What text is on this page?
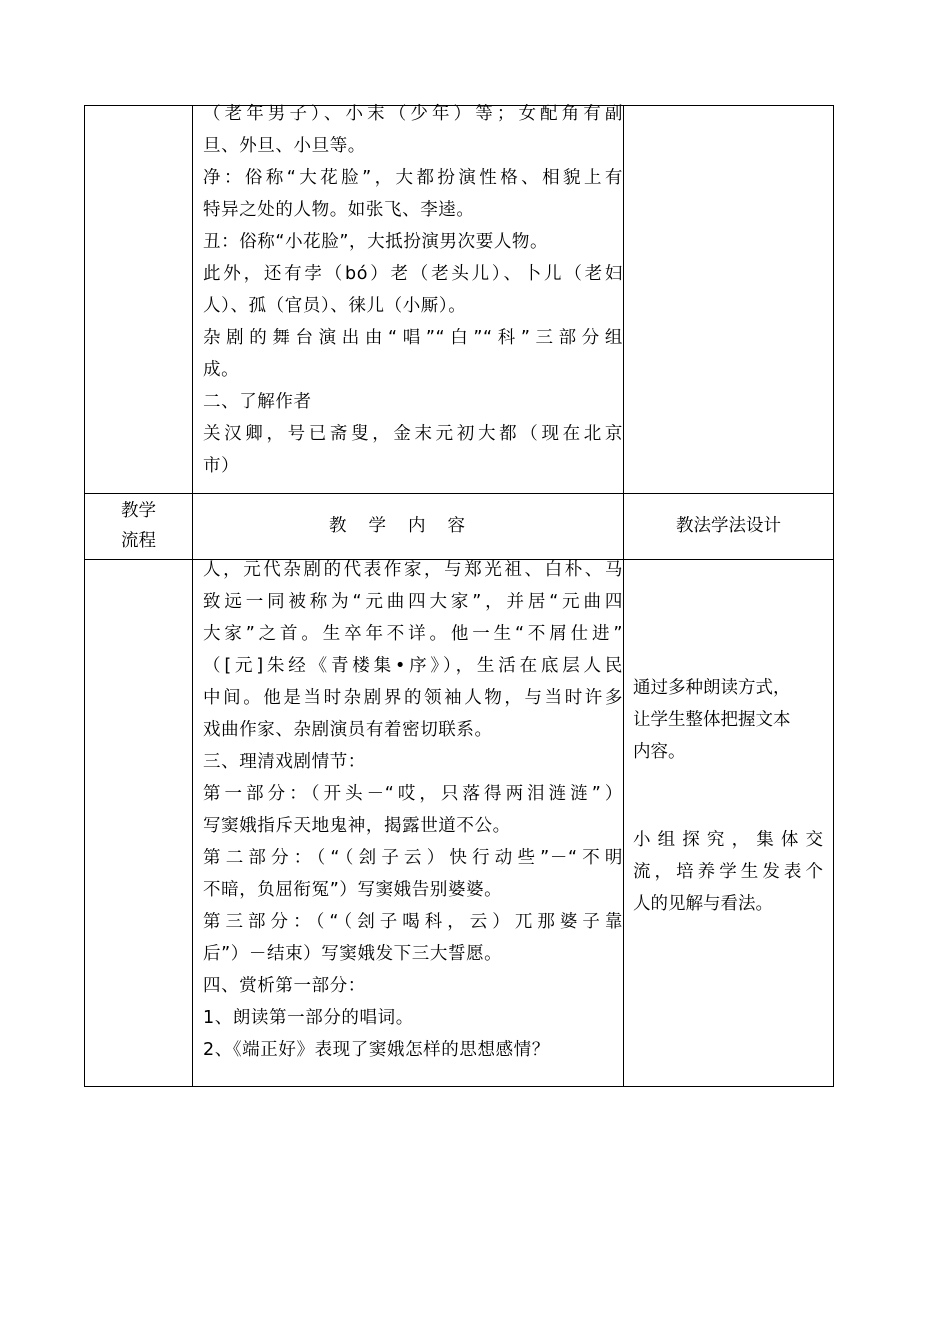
（老年男子）、小末（少年）等；女配角有副
旦、外旦、小旦等。
净：俗称“大花脸”，大都扮演性格、相貌上有
特异之处的人物。如张飞、李逵。
丑：俗称“小花脸”，大抵扮演男次要人物。
此外，还有孛（bó）老（老头儿）、卜儿（老妇
人）、孤（官员）、徕儿（小厮）。
杂剧的舞台演出由“唱”“白”“科”三部分组
成。
二、了解作者
关汉卿，号已斋叟，金末元初大都（现在北京
市）
教学
流程
教学内容	教法学法设计
人，元代杂剧的代表作家，与郑光祖、白朴、马
致远一同被称为“元曲四大家”，并居“元曲四
大家”之首。生卒年不详。他一生“不屑仕进”
（[元]朱经《青楼集•序》），生活在底层人民
中间。他是当时杂剧界的领袖人物，与当时许多
戏曲作家、杂剧演员有着密切联系。
三、理清戏剧情节：
第一部分：（开头－“哎，只落得两泪涟涟”）
写窦娥指斥天地鬼神，揭露世道不公。
第二部分：（“（刽子云）快行动些”－“不明
不暗，负屈衔冤”）写窦娥告别婆婆。
第三部分：（“（刽子喝科，云）兀那婆子靠
后”）－结束）写窦娥发下三大誓愿。
四、赏析第一部分：
1、朗读第一部分的唱词。
2、《端正好》表现了窦娥怎样的思想感情？
通过多种朗读方式，
让学生整体把握文本
内容。
小组探究，集体交
流，培养学生发表个
人的见解与看法。
